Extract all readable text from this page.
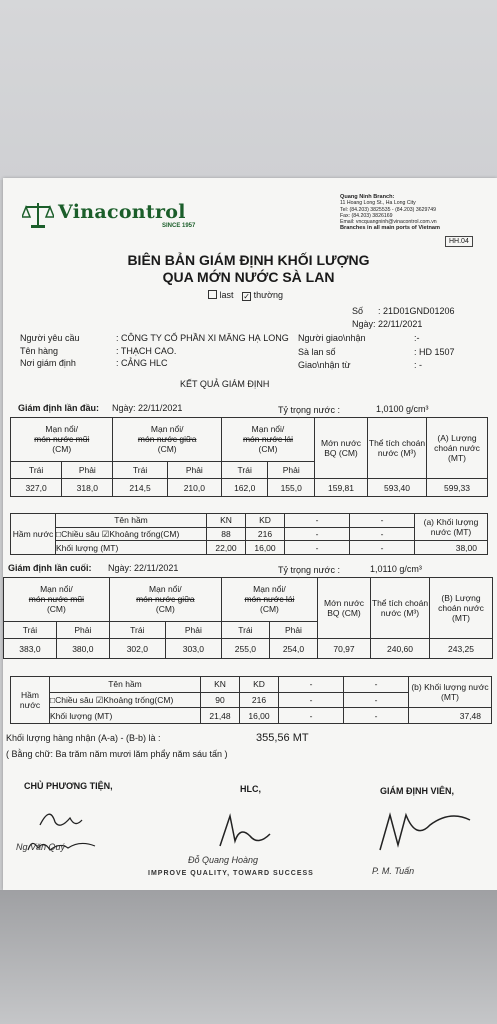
Vinacontrol
SINCE 1957
Quang Ninh Branch:
11 Hoang Long St., Ha Long City
Tel: (84.203) 3825535 - (84.203) 3629749
Fax: (84.203) 3826169
Email: vncquangninh@vinacontrol.com.vn
Branches in all main ports of Vietnam
HH.04
BIÊN BẢN GIÁM ĐỊNH KHỐI LƯỢNG
QUA MỚN NƯỚC SÀ LAN
last ✓ thường
Số : 21D01GND01206
Ngày: 22/11/2021
Người yêu cầu	: CÔNG TY CỔ PHẦN XI MĂNG HẠ LONG Người giao\nhận	:-
Tên hàng	: THẠCH CAO.	Sà lan số	: HD 1507
Nơi giám định	: CẢNG HLC	Giao\nhận từ	: -
KẾT QUẢ GIÁM ĐỊNH
Giám định lần đầu: Ngày: 22/11/2021	Tỷ trọng nước :	1,0100 g/cm³
Mạn nổi/
món nước mũi
(CM)		Mạn nổi/
món nước giữa
(CM)		Mạn nổi/
món nước lái
(CM)		Mớn nước BQ (CM)	Thể tích choán nước (M³)	(A) Lượng choán nước (MT)
Trái	Phải	Trái	Phải	Trái	Phải			
327,0	318,0	214,5	210,0	162,0	155,0	159,81	593,40	599,33
Hầm nước	Tên hầm	KN	KD	-	-	(a) Khối lượng nước (MT)
	□Chiều sâu ☑Khoảng trống(CM)	88	216	-	-	
	Khối lượng (MT)	22,00	16,00	-	-	38,00
Giám định lần cuối: Ngày: 22/11/2021	Tỷ trọng nước :	1,0110 g/cm³
Mạn nổi/
món nước mũi
(CM)		Mạn nổi/
món nước giữa
(CM)		Mạn nổi/
món nước lái
(CM)		Mớn nước BQ (CM)	Thể tích choán nước (M³)	(B) Lượng choán nước (MT)
Trái	Phải	Trái	Phải	Trái	Phải			
383,0	380,0	302,0	303,0	255,0	254,0	70,97	240,60	243,25
Hầm nước	Tên hầm	KN	KD	-	-	(b) Khối lượng nước (MT)
	□Chiều sâu ☑Khoảng trống(CM)	90	216	-	-	
	Khối lượng (MT)	21,48	16,00	-	-	37,48
Khối lượng hàng nhận (A-a) - (B-b) là :	355,56 MT
( Bằng chữ: Ba trăm năm mươi lăm phẩy năm sáu tấn )
CHỦ PHƯƠNG TIỆN,	HLC,	GIÁM ĐỊNH VIÊN,
Ng Văn Quý
Đỗ Quang Hoàng
P. M. Tuấn
IMPROVE QUALITY, TOWARD SUCCESS
